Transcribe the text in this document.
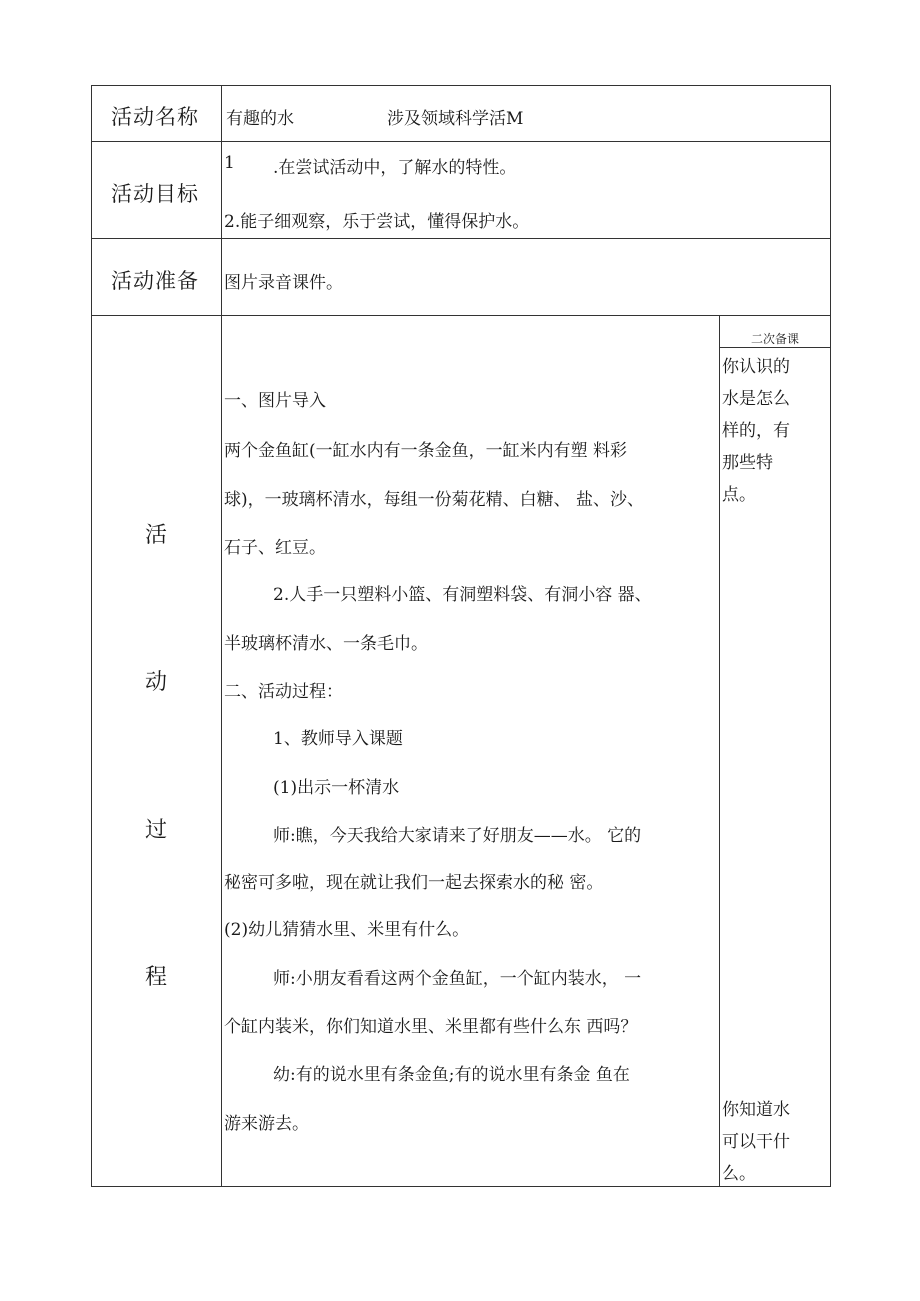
活动名称 有趣的水	涉及领域科学活M
活动目标
1 .在尝试活动中，了解水的特性。
2.能子细观察，乐于尝试，懂得保护水。
活动准备 图片录音课件。
活
动
过
程
一、图片导入
两个金鱼缸(一缸水内有一条金鱼，一缸米内有塑 料彩
球)，一玻璃杯清水，每组一份菊花精、白糖、 盐、沙、
石子、红豆。
2.人手一只塑料小篮、有洞塑料袋、有洞小容 器、
半玻璃杯清水、一条毛巾。
二、活动过程：
1、教师导入课题
(1)出示一杯清水
师:瞧，今天我给大家请来了好朋友——水。 它的
秘密可多啦，现在就让我们一起去探索水的秘 密。
(2)幼儿猜猜水里、米里有什么。
师:小朋友看看这两个金鱼缸，一个缸内装水， 一
个缸内装米，你们知道水里、米里都有些什么东 西吗？
幼:有的说水里有条金鱼;有的说水里有条金 鱼在
游来游去。
二次备课
你认识的
水是怎么
样的，有
那些特
点。
你知道水
可以干什
么。
